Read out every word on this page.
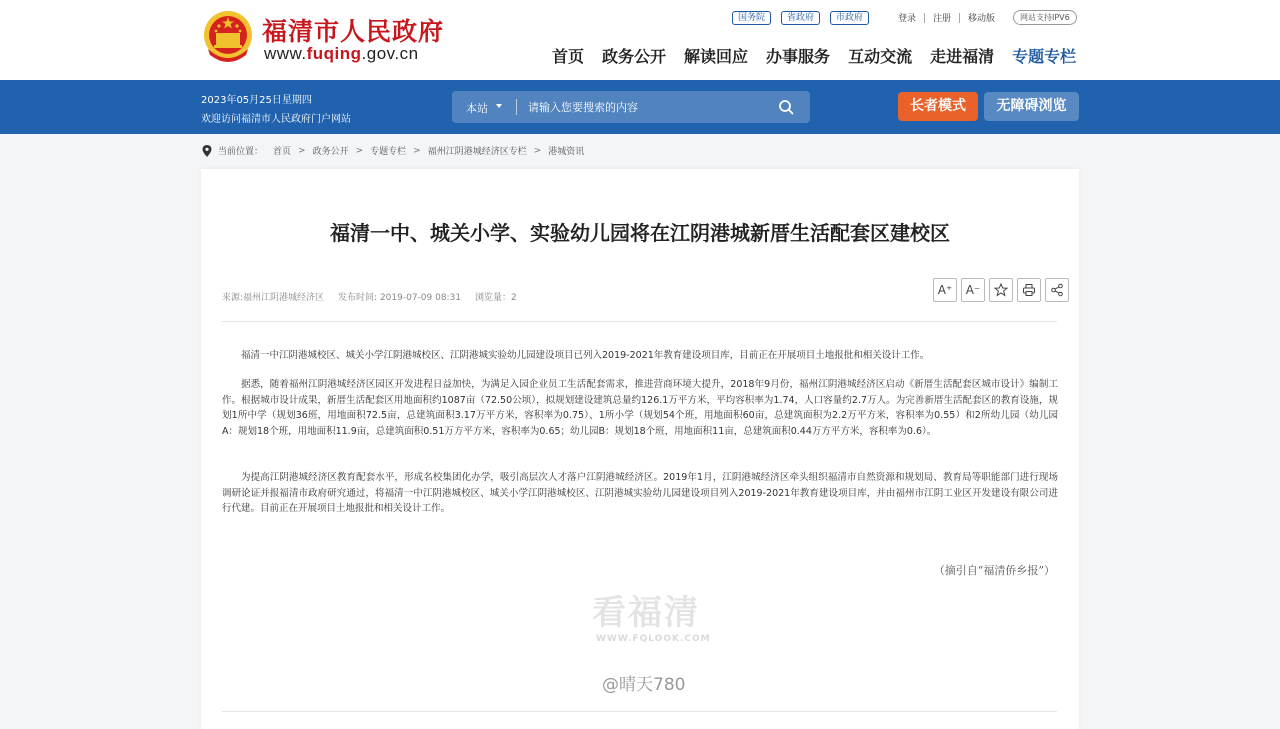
福清市人民政府
www.fuqing.gov.cn
国务院	省政府	市政府	登录 注册 移动版	网站支持IPV6
首页 政务公开 解读回应 办事服务 互动交流 走进福清 专题专栏
2023年05月25日星期四
欢迎访问福清市人民政府门户网站
本站
请输入您要搜索的内容	长者模式	无障碍浏览
当前位置： 首页 > 政务公开 > 专题专栏 > 福州江阴港城经济区专栏 > 港城资讯
福清一中、城关小学、实验幼儿园将在江阴港城新厝生活配套区建校区
来源:福州江阴港城经济区 发布时间: 2019-07-09 08:31 浏览量：2
A⁺ A⁻

福清一中江阴港城校区、城关小学江阴港城校区、江阴港城实验幼儿园建设项目已列入2019-2021年教育建设项目库，目前正在开展项目土地报批和相关设计工作。

据悉，随着福州江阴港城经济区园区开发进程日益加快，为满足入园企业员工生活配套需求，推进营商环境大提升，2018年9月份，福州江阴港城经济区启动《新厝生活配套区城市设计》编制工作。根据城市设计成果，新厝生活配套区用地面积约1087亩（72.50公顷），拟规划建设建筑总量约126.1万平方米，平均容积率为1.74，人口容量约2.7万人。为完善新厝生活配套区的教育设施，规划1所中学（规划36班，用地面积72.5亩，总建筑面积3.17万平方米，容积率为0.75）、1所小学（规划54个班，用地面积60亩，总建筑面积为2.2万平方米，容积率为0.55）和2所幼儿园（幼儿园A：规划18个班，用地面积11.9亩，总建筑面积0.51万方平方米，容积率为0.65；幼儿园B：规划18个班，用地面积11亩，总建筑面积0.44万方平方米，容积率为0.6）。

为提高江阴港城经济区教育配套水平，形成名校集团化办学，吸引高层次人才落户江阴港城经济区。2019年1月，江阴港城经济区牵头组织福清市自然资源和规划局、教育局等职能部门进行现场调研论证并报福清市政府研究通过，将福清一中江阴港城校区、城关小学江阴港城校区、江阴港城实验幼儿园建设项目列入2019-2021年教育建设项目库，并由福州市江阴工业区开发建设有限公司进行代建。目前正在开展项目土地报批和相关设计工作。

（摘引自“福清侨乡报”）
看福清
WWW.FQLOOK.COM
@晴天780
